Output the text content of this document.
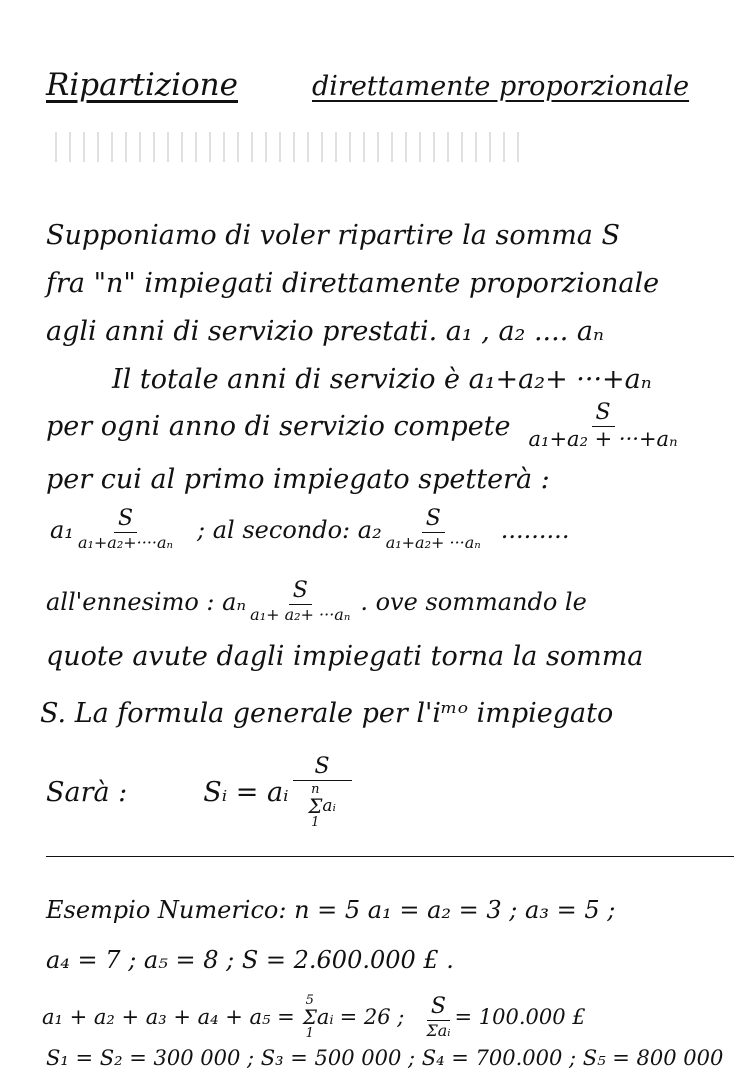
Ripartizione	direttamente proporzionale
Supponiamo di voler ripartire la somma S
fra "n" impiegati direttamente proporzionale
agli anni di servizio prestati. a₁ , a₂ .... aₙ
Il totale anni di servizio è a₁+a₂+ ···+aₙ
per ogni anno di servizio compete $\frac{S}{\text{a₁+a₂ + ···+aₙ}}$
per cui al primo impiegato spetterà :
$a_1 \frac{S}{\text{a₁+a₂+····aₙ}}$ ; al secondo: $a_2 \frac{S}{\text{a₁+a₂+ ···aₙ}}$ .........
all'ennesimo : aₙ $\frac{S}{\text{a₁+ a₂+ ···aₙ}}$ . ove sommando le
quote avute dagli impiegati torna la somma
S. La formula generale per l'iᵐᵒ impiegato
Sarà :	Sᵢ = aᵢ S
n
Σ
1
aᵢ
Esempio Numerico: n = 5 a₁ = a₂ = 3 ; a₃ = 5 ;
a₄ = 7 ; a₅ = 8 ; S = 2.600.000 £ .
a₁ + a₂ + a₃ + a₄ + a₅ =
5
Σ
1
aᵢ = 26 ; $\frac{S}{\text{Σaᵢ}} = 100.000$ £
S₁ = S₂ = 300 000 ; S₃ = 500 000 ; S₄ = 700.000 ; S₅ = 800 000
